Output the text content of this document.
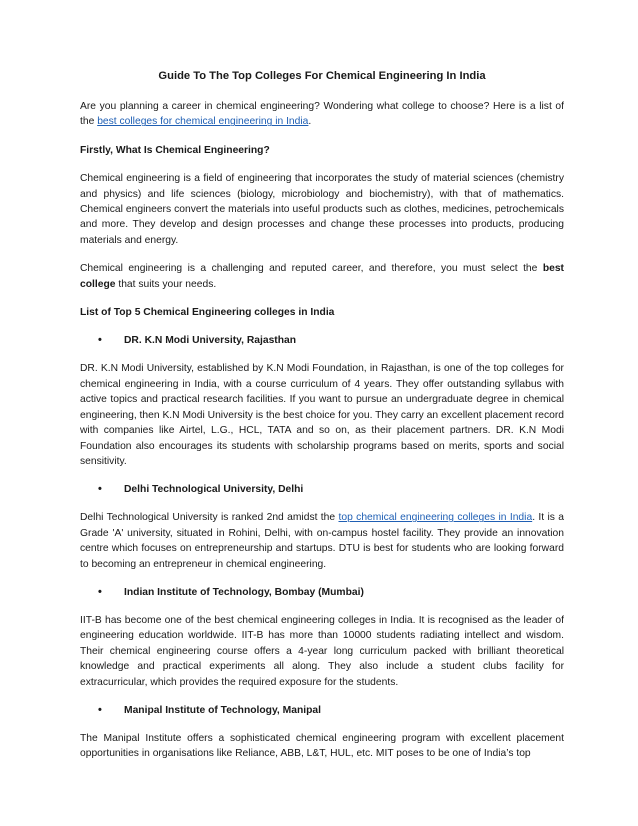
Guide To The Top Colleges For Chemical Engineering In India

Are you planning a career in chemical engineering? Wondering what college to choose? Here is a list of the best colleges for chemical engineering in India.

Firstly, What Is Chemical Engineering?

Chemical engineering is a field of engineering that incorporates the study of material sciences (chemistry and physics) and life sciences (biology, microbiology and biochemistry), with that of mathematics. Chemical engineers convert the materials into useful products such as clothes, medicines, petrochemicals and more. They develop and design processes and change these processes into products, producing materials and energy.

Chemical engineering is a challenging and reputed career, and therefore, you must select the best college that suits your needs.

List of Top 5 Chemical Engineering colleges in India

•	DR. K.N Modi University, Rajasthan

DR. K.N Modi University, established by K.N Modi Foundation, in Rajasthan, is one of the top colleges for chemical engineering in India, with a course curriculum of 4 years. They offer outstanding syllabus with active topics and practical research facilities. If you want to pursue an undergraduate degree in chemical engineering, then K.N Modi University is the best choice for you. They carry an excellent placement record with companies like Airtel, L.G., HCL, TATA and so on, as their placement partners. DR. K.N Modi Foundation also encourages its students with scholarship programs based on merits, sports and social sensitivity.

•	Delhi Technological University, Delhi

Delhi Technological University is ranked 2nd amidst the top chemical engineering colleges in India. It is a Grade 'A' university, situated in Rohini, Delhi, with on-campus hostel facility. They provide an innovation centre which focuses on entrepreneurship and startups. DTU is best for students who are looking forward to becoming an entrepreneur in chemical engineering.

•	Indian Institute of Technology, Bombay (Mumbai)

IIT-B has become one of the best chemical engineering colleges in India. It is recognised as the leader of engineering education worldwide. IIT-B has more than 10000 students radiating intellect and wisdom. Their chemical engineering course offers a 4-year long curriculum packed with brilliant theoretical knowledge and practical experiments all along. They also include a student clubs facility for extracurricular, which provides the required exposure for the students.

•	Manipal Institute of Technology, Manipal

The Manipal Institute offers a sophisticated chemical engineering program with excellent placement opportunities in organisations like Reliance, ABB, L&T, HUL, etc. MIT poses to be one of India’s top
